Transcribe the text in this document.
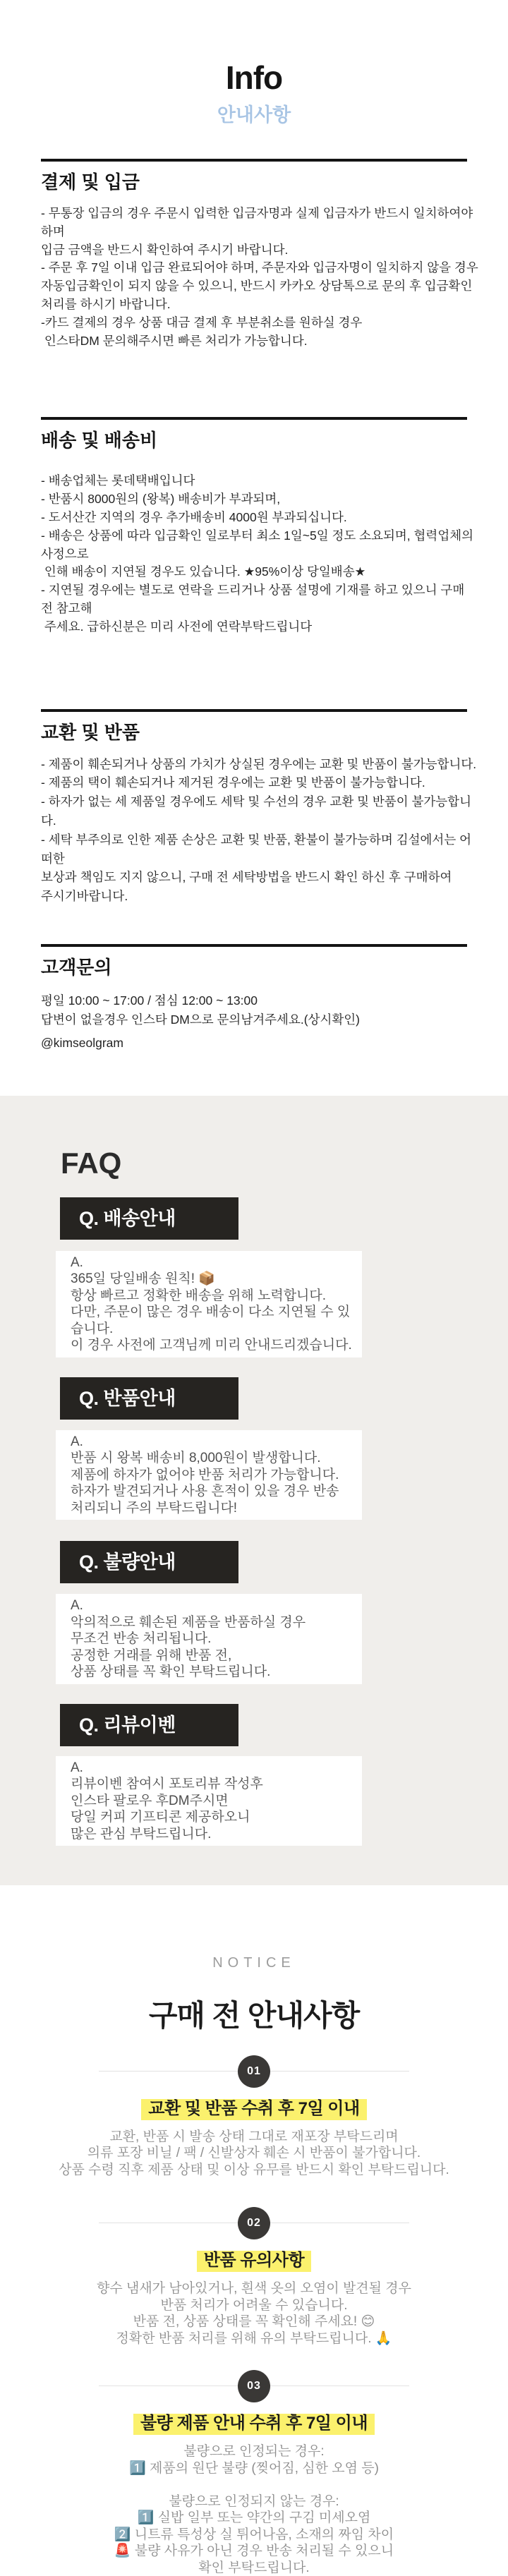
Info
안내사항
결제 및 입금
- 무통장 입금의 경우 주문시 입력한 입금자명과 실제 입금자가 반드시 일치하여야 하며
입금 금액을 반드시 확인하여 주시기 바랍니다.
- 주문 후 7일 이내 입금 완료되어야 하며, 주문자와 입금자명이 일치하지 않을 경우
자동입금확인이 되지 않을 수 있으니, 반드시 카카오 상담톡으로 문의 후 입금확인
처리를 하시기 바랍니다.
-카드 결제의 경우 상품 대금 결제 후 부분취소를 원하실 경우
인스타DM 문의해주시면 빠른 처리가 가능합니다.
배송 및 배송비
- 배송업체는 롯데택배입니다
- 반품시 8000원의 (왕복) 배송비가 부과되며,
- 도서산간 지역의 경우 추가배송비 4000원 부과되십니다.
- 배송은 상품에 따라 입금확인 일로부터 최소 1일~5일 정도 소요되며, 협력업체의 사정으로
인해 배송이 지연될 경우도 있습니다. ★95%이상 당일배송★
- 지연될 경우에는 별도로 연락을 드리거나 상품 설명에 기재를 하고 있으니 구매 전 참고해
주세요. 급하신분은 미리 사전에 연락부탁드립니다
교환 및 반품
- 제품이 훼손되거나 상품의 가치가 상실된 경우에는 교환 및 반품이 불가능합니다.
- 제품의 택이 훼손되거나 제거된 경우에는 교환 및 반품이 불가능합니다.
- 하자가 없는 세 제품일 경우에도 세탁 및 수선의 경우 교환 및 반품이 불가능합니다.
- 세탁 부주의로 인한 제품 손상은 교환 및 반품, 환불이 불가능하며 김설에서는 어떠한
보상과 책임도 지지 않으니, 구매 전 세탁방법을 반드시 확인 하신 후 구매하여
주시기바랍니다.
고객문의
평일 10:00 ~ 17:00 / 점심 12:00 ~ 13:00
답변이 없을경우 인스타 DM으로 문의남겨주세요.(상시확인)
@kimseolgram
FAQ
Q. 배송안내
A.
365일 당일배송 원칙! 📦
항상 빠르고 정확한 배송을 위해 노력합니다.
다만, 주문이 많은 경우 배송이 다소 지연될 수 있습니다.
이 경우 사전에 고객님께 미리 안내드리겠습니다.
Q. 반품안내
A.
반품 시 왕복 배송비 8,000원이 발생합니다.
제품에 하자가 없어야 반품 처리가 가능합니다.
하자가 발견되거나 사용 흔적이 있을 경우 반송
처리되니 주의 부탁드립니다!
Q. 불량안내
A.
악의적으로 훼손된 제품을 반품하실 경우
무조건 반송 처리됩니다.
공정한 거래를 위해 반품 전,
상품 상태를 꼭 확인 부탁드립니다.
Q. 리뷰이벤
A.
리뷰이벤 참여시 포토리뷰 작성후
인스타 팔로우 후DM주시면
당일 커피 기프티콘 제공하오니
많은 관심 부탁드립니다.
NOTICE
구매 전 안내사항
01
교환 및 반품 수취 후 7일 이내
교환, 반품 시 발송 상태 그대로 재포장 부탁드리며
의류 포장 비닐 / 팩 / 신발상자 훼손 시 반품이 불가합니다.
상품 수령 직후 제품 상태 및 이상 유무를 반드시 확인 부탁드립니다.
02
반품 유의사항
향수 냄새가 남아있거나, 흰색 옷의 오염이 발견될 경우
반품 처리가 어려울 수 있습니다.
반품 전, 상품 상태를 꼭 확인해 주세요! 😊
정확한 반품 처리를 위해 유의 부탁드립니다. 🙏
03
불량 제품 안내 수취 후 7일 이내
불량으로 인정되는 경우:
1️⃣ 제품의 원단 불량 (찢어짐, 심한 오염 등)
불량으로 인정되지 않는 경우:
1️⃣ 실밥 일부 또는 약간의 구김 미세오염
2️⃣ 니트류 특성상 실 튀어나옴, 소재의 짜임 차이
🚨 불량 사유가 아닌 경우 반송 처리될 수 있으니
확인 부탁드립니다.
